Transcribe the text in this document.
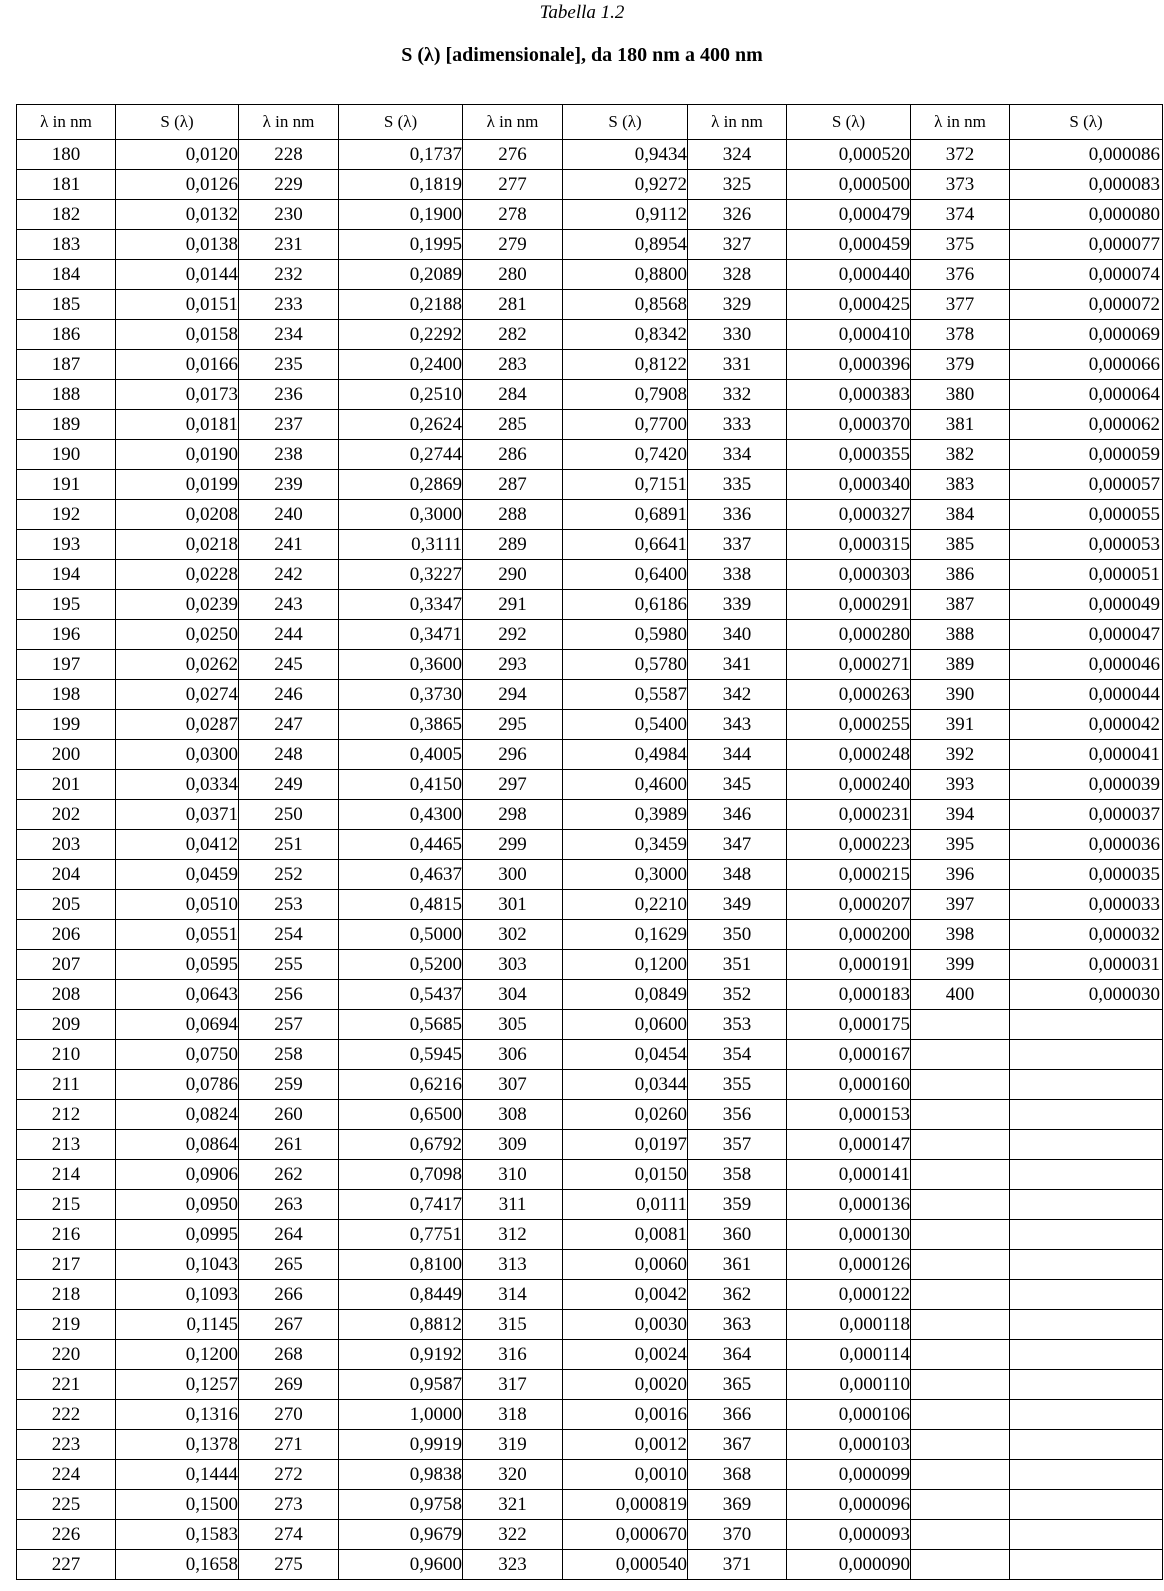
Tabella 1.2
S (λ) [adimensionale], da 180 nm a 400 nm
λ in nm	S (λ)	λ in nm	S (λ)	λ in nm	S (λ)	λ in nm	S (λ)	λ in nm	S (λ)
180	0,0120	228	0,1737	276	0,9434	324	0,000520	372	0,000086
181	0,0126	229	0,1819	277	0,9272	325	0,000500	373	0,000083
182	0,0132	230	0,1900	278	0,9112	326	0,000479	374	0,000080
183	0,0138	231	0,1995	279	0,8954	327	0,000459	375	0,000077
184	0,0144	232	0,2089	280	0,8800	328	0,000440	376	0,000074
185	0,0151	233	0,2188	281	0,8568	329	0,000425	377	0,000072
186	0,0158	234	0,2292	282	0,8342	330	0,000410	378	0,000069
187	0,0166	235	0,2400	283	0,8122	331	0,000396	379	0,000066
188	0,0173	236	0,2510	284	0,7908	332	0,000383	380	0,000064
189	0,0181	237	0,2624	285	0,7700	333	0,000370	381	0,000062
190	0,0190	238	0,2744	286	0,7420	334	0,000355	382	0,000059
191	0,0199	239	0,2869	287	0,7151	335	0,000340	383	0,000057
192	0,0208	240	0,3000	288	0,6891	336	0,000327	384	0,000055
193	0,0218	241	0,3111	289	0,6641	337	0,000315	385	0,000053
194	0,0228	242	0,3227	290	0,6400	338	0,000303	386	0,000051
195	0,0239	243	0,3347	291	0,6186	339	0,000291	387	0,000049
196	0,0250	244	0,3471	292	0,5980	340	0,000280	388	0,000047
197	0,0262	245	0,3600	293	0,5780	341	0,000271	389	0,000046
198	0,0274	246	0,3730	294	0,5587	342	0,000263	390	0,000044
199	0,0287	247	0,3865	295	0,5400	343	0,000255	391	0,000042
200	0,0300	248	0,4005	296	0,4984	344	0,000248	392	0,000041
201	0,0334	249	0,4150	297	0,4600	345	0,000240	393	0,000039
202	0,0371	250	0,4300	298	0,3989	346	0,000231	394	0,000037
203	0,0412	251	0,4465	299	0,3459	347	0,000223	395	0,000036
204	0,0459	252	0,4637	300	0,3000	348	0,000215	396	0,000035
205	0,0510	253	0,4815	301	0,2210	349	0,000207	397	0,000033
206	0,0551	254	0,5000	302	0,1629	350	0,000200	398	0,000032
207	0,0595	255	0,5200	303	0,1200	351	0,000191	399	0,000031
208	0,0643	256	0,5437	304	0,0849	352	0,000183	400	0,000030
209	0,0694	257	0,5685	305	0,0600	353	0,000175		
210	0,0750	258	0,5945	306	0,0454	354	0,000167		
211	0,0786	259	0,6216	307	0,0344	355	0,000160		
212	0,0824	260	0,6500	308	0,0260	356	0,000153		
213	0,0864	261	0,6792	309	0,0197	357	0,000147		
214	0,0906	262	0,7098	310	0,0150	358	0,000141		
215	0,0950	263	0,7417	311	0,0111	359	0,000136		
216	0,0995	264	0,7751	312	0,0081	360	0,000130		
217	0,1043	265	0,8100	313	0,0060	361	0,000126		
218	0,1093	266	0,8449	314	0,0042	362	0,000122		
219	0,1145	267	0,8812	315	0,0030	363	0,000118		
220	0,1200	268	0,9192	316	0,0024	364	0,000114		
221	0,1257	269	0,9587	317	0,0020	365	0,000110		
222	0,1316	270	1,0000	318	0,0016	366	0,000106		
223	0,1378	271	0,9919	319	0,0012	367	0,000103		
224	0,1444	272	0,9838	320	0,0010	368	0,000099		
225	0,1500	273	0,9758	321	0,000819	369	0,000096		
226	0,1583	274	0,9679	322	0,000670	370	0,000093		
227	0,1658	275	0,9600	323	0,000540	371	0,000090		
